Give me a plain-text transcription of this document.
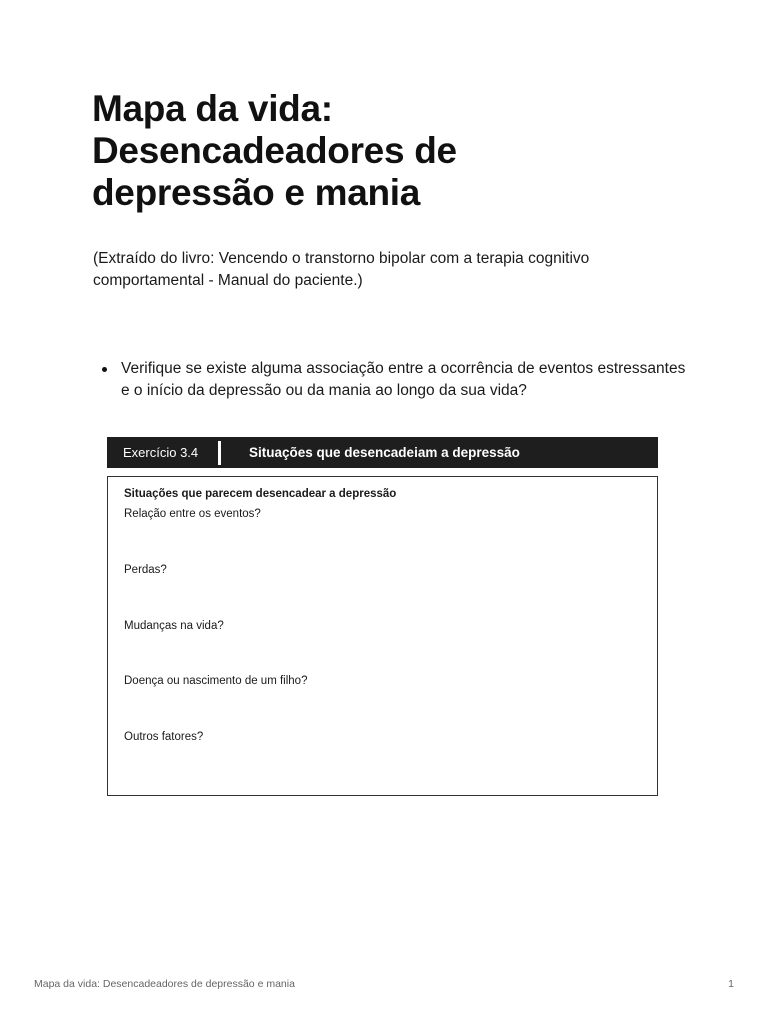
Mapa da vida:
Desencadeadores de
depressão e mania

(Extraído do livro: Vencendo o transtorno bipolar com a terapia cognitivo comportamental - Manual do paciente.)

Verifique se existe alguma associação entre a ocorrência de eventos estressantes e o início da depressão ou da mania ao longo da sua vida?
Exercício 3.4	Situações que desencadeiam a depressão
Situações que parecem desencadear a depressão
Relação entre os eventos?
Perdas?
Mudanças na vida?
Doença ou nascimento de um filho?
Outros fatores?
Mapa da vida: Desencadeadores de depressão e mania	1
